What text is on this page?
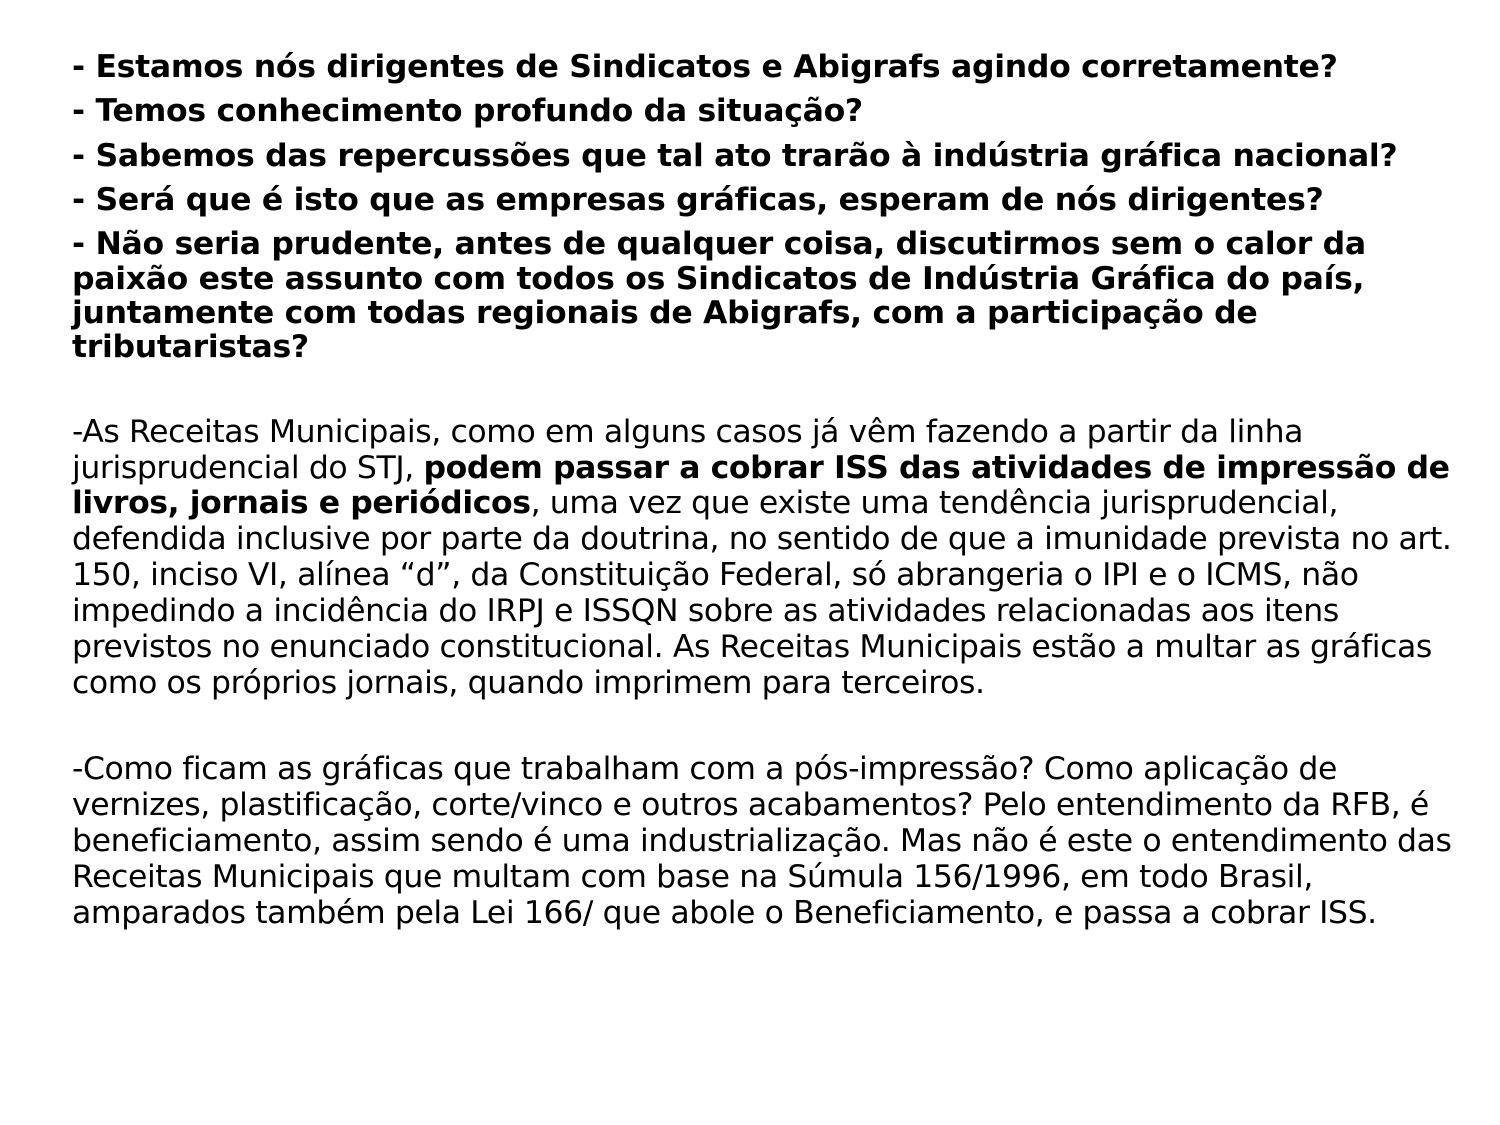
- Estamos nós dirigentes de Sindicatos e Abigrafs agindo corretamente?

- Temos conhecimento profundo da situação?

- Sabemos das repercussões que tal ato trarão à indústria gráfica nacional?

- Será que é isto que as empresas gráficas, esperam de nós dirigentes?

- Não seria prudente, antes de qualquer coisa, discutirmos sem o calor da paixão este assunto com todos os Sindicatos de Indústria Gráfica do país, juntamente com todas regionais de Abigrafs, com a participação de tributaristas?

-As Receitas Municipais, como em alguns casos já vêm fazendo a partir da linha jurisprudencial do STJ, podem passar a cobrar ISS das atividades de impressão de livros, jornais e periódicos, uma vez que existe uma tendência jurisprudencial, defendida inclusive por parte da doutrina, no sentido de que a imunidade prevista no art. 150, inciso VI, alínea “d”, da Constituição Federal, só abrangeria o IPI e o ICMS, não impedindo a incidência do IRPJ e ISSQN sobre as atividades relacionadas aos itens previstos no enunciado constitucional. As Receitas Municipais estão a multar as gráficas como os próprios jornais, quando imprimem para terceiros.

-Como ficam as gráficas que trabalham com a pós-impressão? Como aplicação de vernizes, plastificação, corte/vinco e outros acabamentos? Pelo entendimento da RFB, é beneficiamento, assim sendo é uma industrialização. Mas não é este o entendimento das Receitas Municipais que multam com base na Súmula 156/1996, em todo Brasil, amparados também pela Lei 166/ que abole o Beneficiamento, e passa a cobrar ISS.
